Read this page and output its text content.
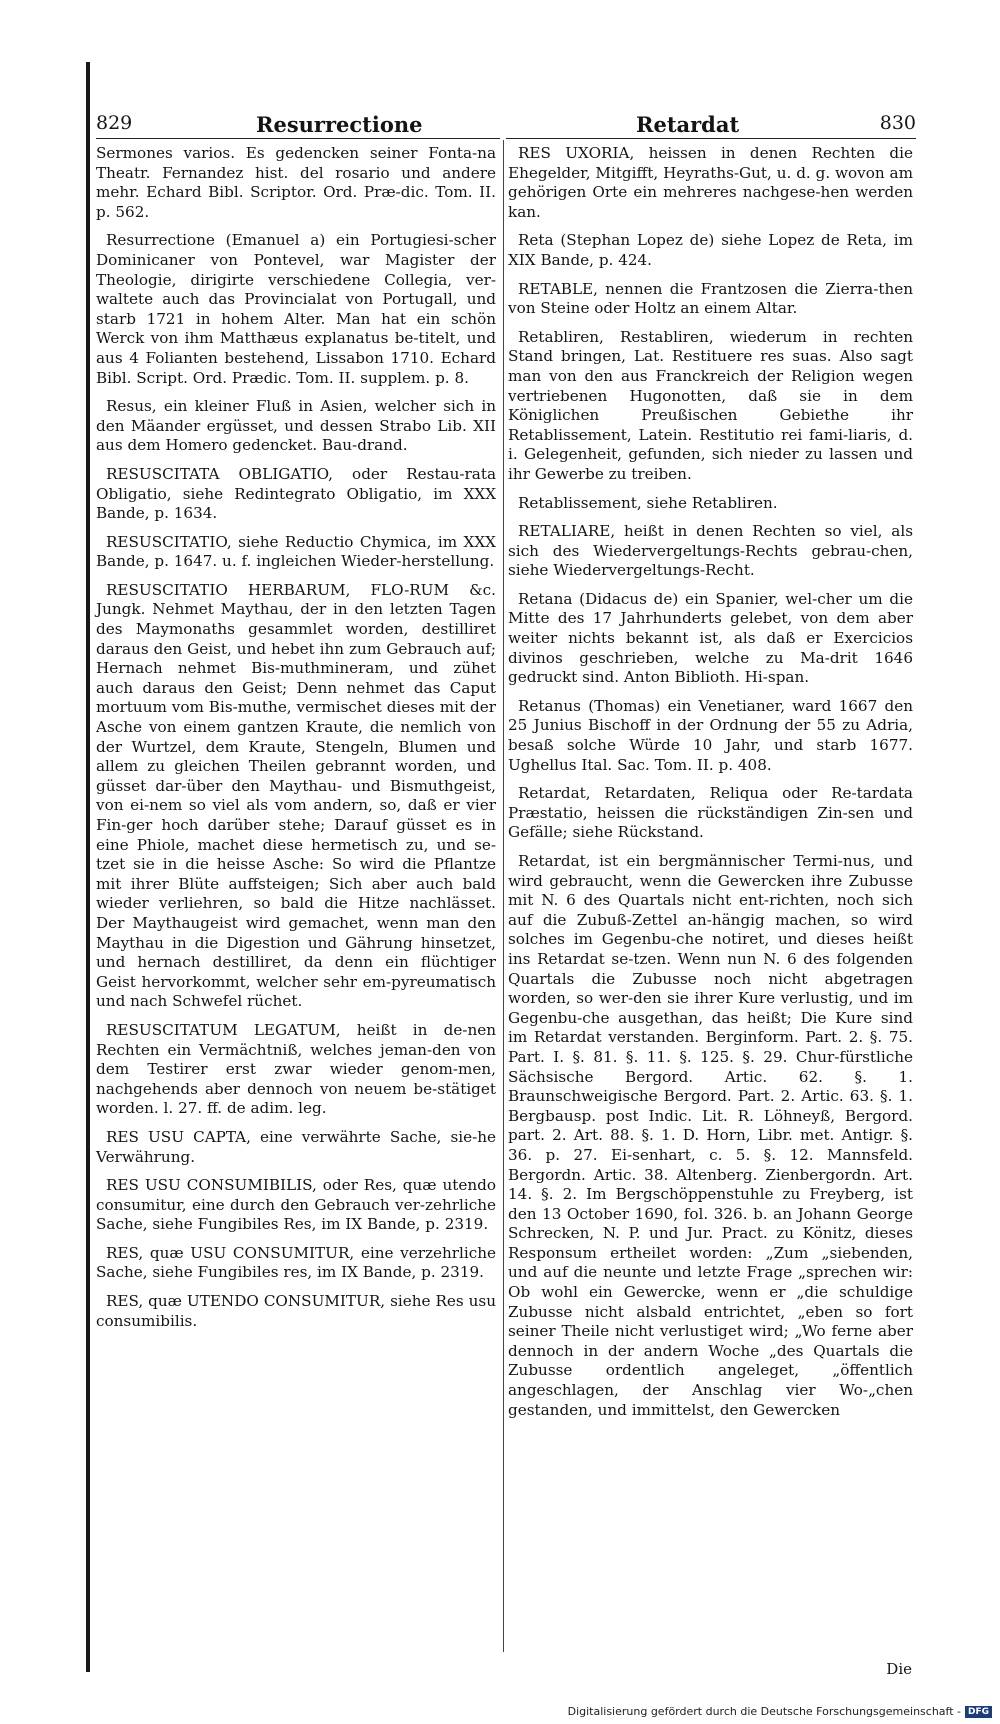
829	Resurrectione	Retardat	830

Sermones varios. Es gedencken seiner Fonta-na Theatr. Fernandez hist. del rosario und andere mehr. Echard Bibl. Scriptor. Ord. Præ-dic. Tom. II. p. 562.

Resurrectione (Emanuel a) ein Portugiesi-scher Dominicaner von Pontevel, war Magister der Theologie, dirigirte verschiedene Collegia, ver-waltete auch das Provincialat von Portugall, und starb 1721 in hohem Alter. Man hat ein schön Werck von ihm Matthæus explanatus be-titelt, und aus 4 Folianten bestehend, Lissabon 1710. Echard Bibl. Script. Ord. Prædic. Tom. II. supplem. p. 8.

Resus, ein kleiner Fluß in Asien, welcher sich in den Mäander ergüsset, und dessen Strabo Lib. XII aus dem Homero gedencket. Bau-drand.

RESUSCITATA OBLIGATIO, oder Restau-rata Obligatio, siehe Redintegrato Obligatio, im XXX Bande, p. 1634.

RESUSCITATIO, siehe Reductio Chymica, im XXX Bande, p. 1647. u. f. ingleichen Wieder-herstellung.

RESUSCITATIO HERBARUM, FLO-RUM &c. Jungk. Nehmet Maythau, der in den letzten Tagen des Maymonaths gesammlet worden, destilliret daraus den Geist, und hebet ihn zum Gebrauch auf; Hernach nehmet Bis-muthmineram, und zühet auch daraus den Geist; Denn nehmet das Caput mortuum vom Bis-muthe, vermischet dieses mit der Asche von einem gantzen Kraute, die nemlich von der Wurtzel, dem Kraute, Stengeln, Blumen und allem zu gleichen Theilen gebrannt worden, und güsset dar-über den Maythau- und Bismuthgeist, von ei-nem so viel als vom andern, so, daß er vier Fin-ger hoch darüber stehe; Darauf güsset es in eine Phiole, machet diese hermetisch zu, und se-tzet sie in die heisse Asche: So wird die Pflantze mit ihrer Blüte auffsteigen; Sich aber auch bald wieder verliehren, so bald die Hitze nachlässet. Der Maythaugeist wird gemachet, wenn man den Maythau in die Digestion und Gährung hinsetzet, und hernach destilliret, da denn ein flüchtiger Geist hervorkommt, welcher sehr em-pyreumatisch und nach Schwefel rüchet.

RESUSCITATUM LEGATUM, heißt in de-nen Rechten ein Vermächtniß, welches jeman-den von dem Testirer erst zwar wieder genom-men, nachgehends aber dennoch von neuem be-stätiget worden. l. 27. ff. de adim. leg.

RES USU CAPTA, eine verwährte Sache, sie-he Verwährung.

RES USU CONSUMIBILIS, oder Res, quæ utendo consumitur, eine durch den Gebrauch ver-zehrliche Sache, siehe Fungibiles Res, im IX Bande, p. 2319.

RES, quæ USU CONSUMITUR, eine verzehrliche Sache, siehe Fungibiles res, im IX Bande, p. 2319.

RES, quæ UTENDO CONSUMITUR, siehe Res usu consumibilis.

RES UXORIA, heissen in denen Rechten die Ehegelder, Mitgifft, Heyraths-Gut, u. d. g. wovon am gehörigen Orte ein mehreres nachgese-hen werden kan.

Reta (Stephan Lopez de) siehe Lopez de Reta, im XIX Bande, p. 424.

RETABLE, nennen die Frantzosen die Zierra-then von Steine oder Holtz an einem Altar.

Retabliren, Restabliren, wiederum in rechten Stand bringen, Lat. Restituere res suas. Also sagt man von den aus Franckreich der Religion wegen vertriebenen Hugonotten, daß sie in dem Königlichen Preußischen Gebiethe ihr Retablissement, Latein. Restitutio rei fami-liaris, d. i. Gelegenheit, gefunden, sich nieder zu lassen und ihr Gewerbe zu treiben.

Retablissement, siehe Retabliren.

RETALIARE, heißt in denen Rechten so viel, als sich des Wiedervergeltungs-Rechts gebrau-chen, siehe Wiedervergeltungs-Recht.

Retana (Didacus de) ein Spanier, wel-cher um die Mitte des 17 Jahrhunderts gelebet, von dem aber weiter nichts bekannt ist, als daß er Exercicios divinos geschrieben, welche zu Ma-drit 1646 gedruckt sind. Anton Biblioth. Hi-span.

Retanus (Thomas) ein Venetianer, ward 1667 den 25 Junius Bischoff in der Ordnung der 55 zu Adria, besaß solche Würde 10 Jahr, und starb 1677. Ughellus Ital. Sac. Tom. II. p. 408.

Retardat, Retardaten, Reliqua oder Re-tardata Præstatio, heissen die rückständigen Zin-sen und Gefälle; siehe Rückstand.

Retardat, ist ein bergmännischer Termi-nus, und wird gebraucht, wenn die Gewercken ihre Zubusse mit N. 6 des Quartals nicht ent-richten, noch sich auf die Zubuß-Zettel an-hängig machen, so wird solches im Gegenbu-che notiret, und dieses heißt ins Retardat se-tzen. Wenn nun N. 6 des folgenden Quartals die Zubusse noch nicht abgetragen worden, so wer-den sie ihrer Kure verlustig, und im Gegenbu-che ausgethan, das heißt; Die Kure sind im Retardat verstanden. Berginform. Part. 2. §. 75. Part. I. §. 81. §. 11. §. 125. §. 29. Chur-fürstliche Sächsische Bergord. Artic. 62. §. 1. Braunschweigische Bergord. Part. 2. Artic. 63. §. 1. Bergbausp. post Indic. Lit. R. Löhneyß, Bergord. part. 2. Art. 88. §. 1. D. Horn, Libr. met. Antigr. §. 36. p. 27. Ei-senhart, c. 5. §. 12. Mannsfeld. Bergordn. Artic. 38. Altenberg. Zienbergordn. Art. 14. §. 2. Im Bergschöppenstuhle zu Freyberg, ist den 13 October 1690, fol. 326. b. an Johann George Schrecken, N. P. und Jur. Pract. zu Könitz, dieses Responsum ertheilet worden: „Zum „siebenden, und auf die neunte und letzte Frage „sprechen wir: Ob wohl ein Gewercke, wenn er „die schuldige Zubusse nicht alsbald entrichtet, „eben so fort seiner Theile nicht verlustiget wird; „Wo ferne aber dennoch in der andern Woche „des Quartals die Zubusse ordentlich angeleget, „öffentlich angeschlagen, der Anschlag vier Wo-„chen gestanden, und immittelst, den Gewercken

Die
Digitalisierung gefördert durch die Deutsche Forschungsgemeinschaft - DFG
